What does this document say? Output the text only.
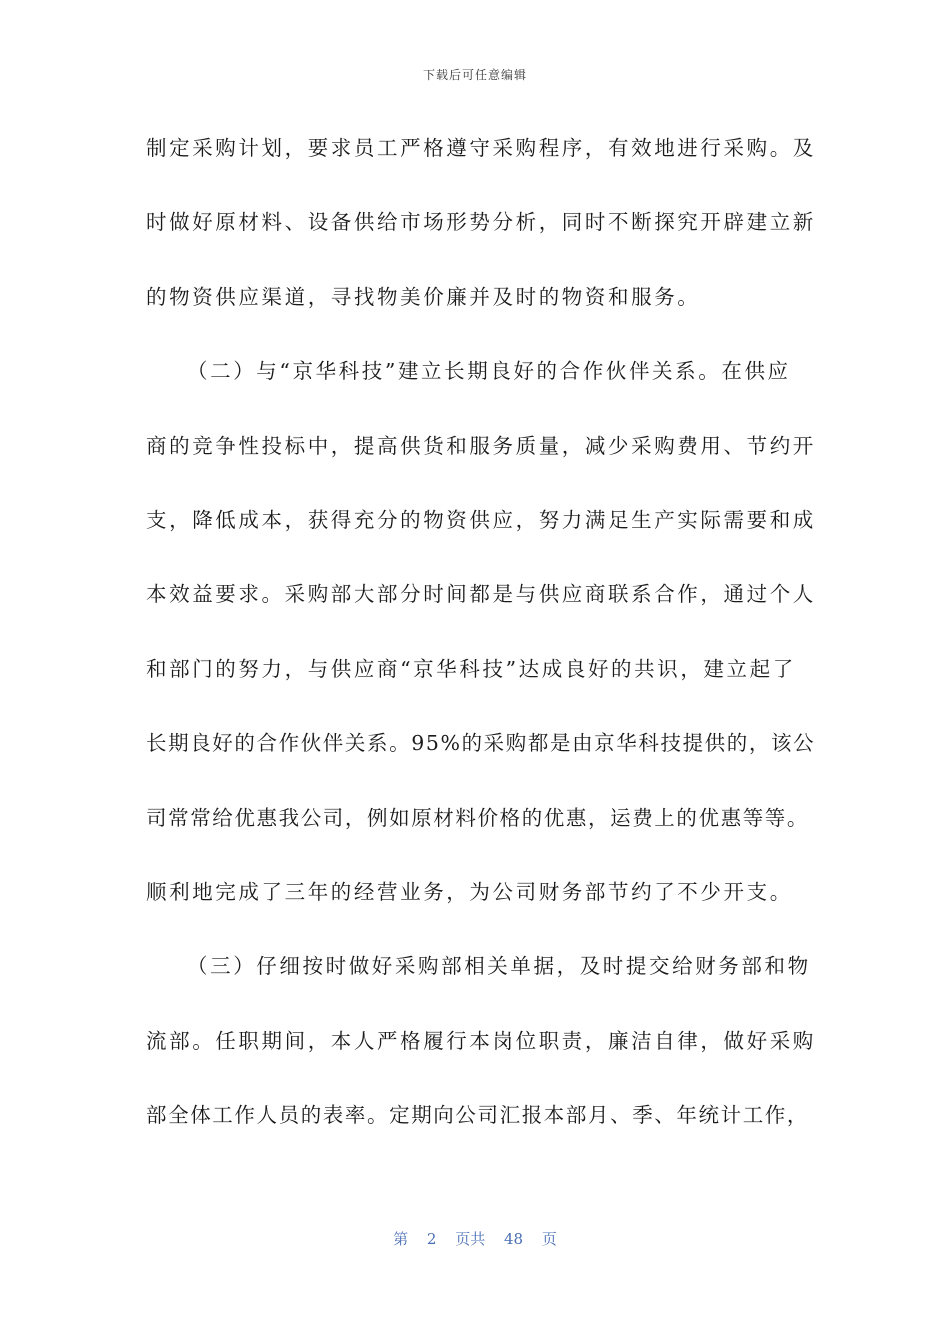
下载后可任意编辑
制定采购计划，要求员工严格遵守采购程序，有效地进行采购。及
时做好原材料、设备供给市场形势分析，同时不断探究开辟建立新
的物资供应渠道，寻找物美价廉并及时的物资和服务。
（二）与“京华科技”建立长期良好的合作伙伴关系。在供应
商的竞争性投标中，提高供货和服务质量，减少采购费用、节约开
支，降低成本，获得充分的物资供应，努力满足生产实际需要和成
本效益要求。采购部大部分时间都是与供应商联系合作，通过个人
和部门的努力，与供应商“京华科技”达成良好的共识，建立起了
长期良好的合作伙伴关系。95%的采购都是由京华科技提供的，该公
司常常给优惠我公司，例如原材料价格的优惠，运费上的优惠等等。
顺利地完成了三年的经营业务，为公司财务部节约了不少开支。
（三）仔细按时做好采购部相关单据，及时提交给财务部和物
流部。任职期间，本人严格履行本岗位职责，廉洁自律，做好采购
部全体工作人员的表率。定期向公司汇报本部月、季、年统计工作，
第 2 页共 48 页
